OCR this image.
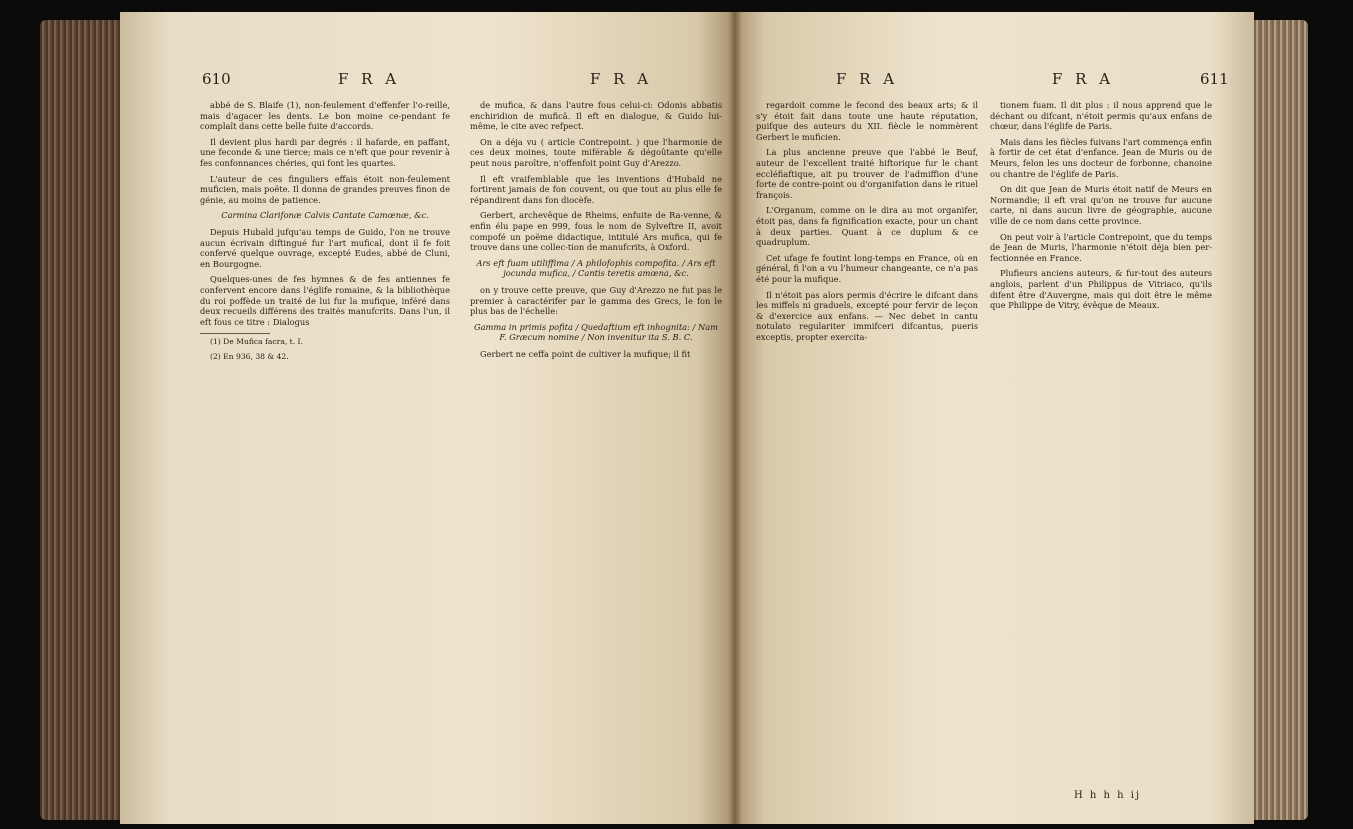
610	F R A	F R A

abbé de S. Blaife (1), non-feulement d'effenfer l'o-reille, mais d'agacer les dents. Le bon moine ce-pendant fe complaît dans cette belle fuite d'accords.

Il devient plus hardi par degrés : il hafarde, en paffant, une feconde & une tierce; mais ce n'eft que pour revenir à fes confonnances chéries, qui font les quartes.

L'auteur de ces finguliers effais étoit non-feulement muficien, mais poëte. Il donna de grandes preuves finon de génie, au moins de patience.

Carmina Clarifonæ Calvis Cantate Camœnæ, &c.

Depuis Hubald jufqu'au temps de Guido, l'on ne trouve aucun écrivain diftingué fur l'art mufical, dont il fe foit confervé quelque ouvrage, excepté Eudes, abbé de Cluni, en Bourgogne.

Quelques-unes de fes hymnes & de fes antiennes fe confervent encore dans l'églife romaine, & la bibliothèque du roi poffède un traité de lui fur la mufique, inféré dans deux recueils différens des traités manufcrits. Dans l'un, il eft fous ce titre : Dialogus

(1) De Mufica facra, t. I.

(2) En 936, 38 & 42.

de mufica, & dans l'autre fous celui-ci: Odonis abbatis enchiridion de muficâ. Il eft en dialogue, & Guido lui-même, le cite avec refpect.

On a déja vu ( article Contrepoint. ) que l'harmonie de ces deux moines, toute miférable & dégoûtante qu'elle peut nous paroître, n'offenfoit point Guy d'Arezzo.

Il eft vraifemblable que les inventions d'Hubald ne fortirent jamais de fon couvent, ou que tout au plus elle fe répandirent dans fon diocèfe.

Gerbert, archevêque de Rheims, enfuite de Ra-venne, & enfin élu pape en 999, fous le nom de Sylveftre II, avoit compofé un poëme didactique, intitulé Ars mufica, qui fe trouve dans une collec-tion de manufcrits, à Oxford.

Ars eft fuam utiliffima / A philofophis compofita. / Ars eft jocunda mufica, / Cantis teretis amœna, &c.

on y trouve cette preuve, que Guy d'Arezzo ne fut pas le premier à caractérifer par le gamma des Grecs, le fon le plus bas de l'échelle:

Gamma in primis pofita / Quedaftium eft inhognita: / Nam F. Græcum nomine / Non invenitur ita S. B. C.

Gerbert ne ceffa point de cultiver la mufique; il fit

F R A	F R A	611

regardoit comme le fecond des beaux arts; & il s'y étoit fait dans toute une haute réputation, puifque des auteurs du XII. fiècle le nommèrent Gerbert le muficien.

La plus ancienne preuve que l'abbé le Beuf, auteur de l'excellent traité hiftorique fur le chant eccléfiaftique, ait pu trouver de l'admiffion d'une forte de contre-point ou d'organifation dans le rituel françois.

L'Organum, comme on le dira au mot organifer, étoit pas, dans fa fignification exacte, pour un chant à deux parties. Quant à ce duplum & ce quadruplum.

Cet ufage fe foutint long-temps en France, où en général, fi l'on a vu l'humeur changeante, ce n'a pas été pour la mufique.

Il n'étoit pas alors permis d'écrire le difcant dans les miffels ni graduels, excepté pour fervir de leçon & d'exercice aux enfans. — Nec debet in cantu notulato regulariter immifceri difcantus, pueris exceptis, propter exercita-

tionem fuam. Il dit plus : il nous apprend que le déchant ou difcant, n'étoit permis qu'aux enfans de chœur, dans l'églife de Paris.

Mais dans les fiècles fuivans l'art commença enfin à fortir de cet état d'enfance. Jean de Muris ou de Meurs, felon les uns docteur de forbonne, chanoine ou chantre de l'églife de Paris.

On dit que Jean de Muris étoit natif de Meurs en Normandie; il eft vrai qu'on ne trouve fur aucune carte, ni dans aucun livre de géographie, aucune ville de ce nom dans cette province.

On peut voir à l'article Contrepoint, que du temps de Jean de Muris, l'harmonie n'étoit déja bien per-fectionnée en France.

Plufieurs anciens auteurs, & fur-tout des auteurs anglois, parlent d'un Philippus de Vitriaco, qu'ils difent être d'Auvergne, mais qui doit être le même que Philippe de Vitry, évêque de Meaux.

H h h h ij
